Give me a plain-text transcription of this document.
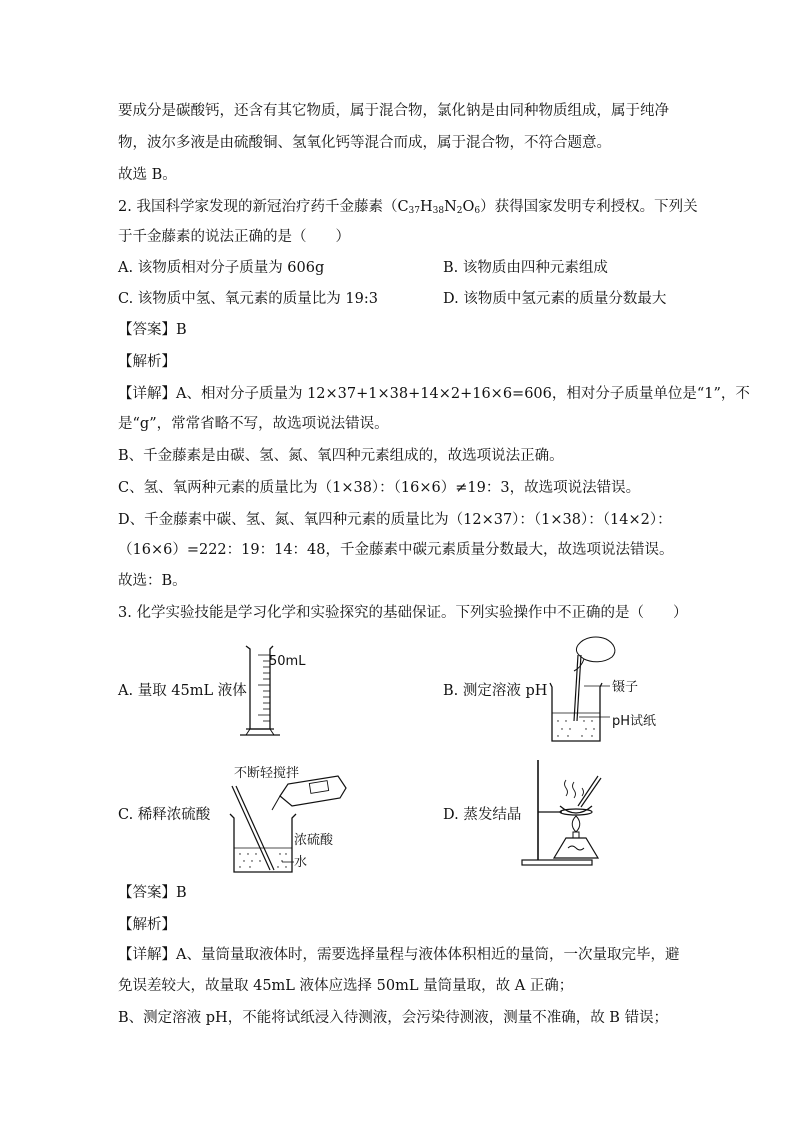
要成分是碳酸钙，还含有其它物质，属于混合物，氯化钠是由同种物质组成，属于纯净
物，波尔多液是由硫酸铜、氢氧化钙等混合而成，属于混合物，不符合题意。
故选 B。
2. 我国科学家发现的新冠治疗药千金藤素$(C_{37}H_{38}N_2O_6)$获得国家发明专利授权。下列关
于千金藤素的说法正确的是（　　）
A. 该物质相对分子质量为 606g	B. 该物质由四种元素组成
C. 该物质中氢、氧元素的质量比为 19:3	D. 该物质中氢元素的质量分数最大
【答案】B
【解析】
【详解】A、相对分子质量为 12×37+1×38+14×2+16×6=606，相对分子质量单位是“1”，不
是“g”，常常省略不写，故选项说法错误。
B、千金藤素是由碳、氢、氮、氧四种元素组成的，故选项说法正确。
C、氢、氧两种元素的质量比为（1×38）：（16×6）≠19：3，故选项说法错误。
D、千金藤素中碳、氢、氮、氧四种元素的质量比为（12×37）：（1×38）：（14×2）：
（16×6）=222：19：14：48，千金藤素中碳元素质量分数最大，故选项说法错误。
故选：B。
3. 化学实验技能是学习化学和实验探究的基础保证。下列实验操作中不正确的是（　　）
A. 量取 45mL 液体	B. 测定溶液 pH
C. 稀释浓硫酸	D. 蒸发结晶
50mL
镊子
pH试纸
不断轻搅拌
浓硫酸
水
【答案】B
【解析】
【详解】A、量筒量取液体时，需要选择量程与液体体积相近的量筒，一次量取完毕，避
免误差较大，故量取 45mL 液体应选择 50mL 量筒量取，故 A 正确；
B、测定溶液 pH，不能将试纸浸入待测液，会污染待测液，测量不准确，故 B 错误；
